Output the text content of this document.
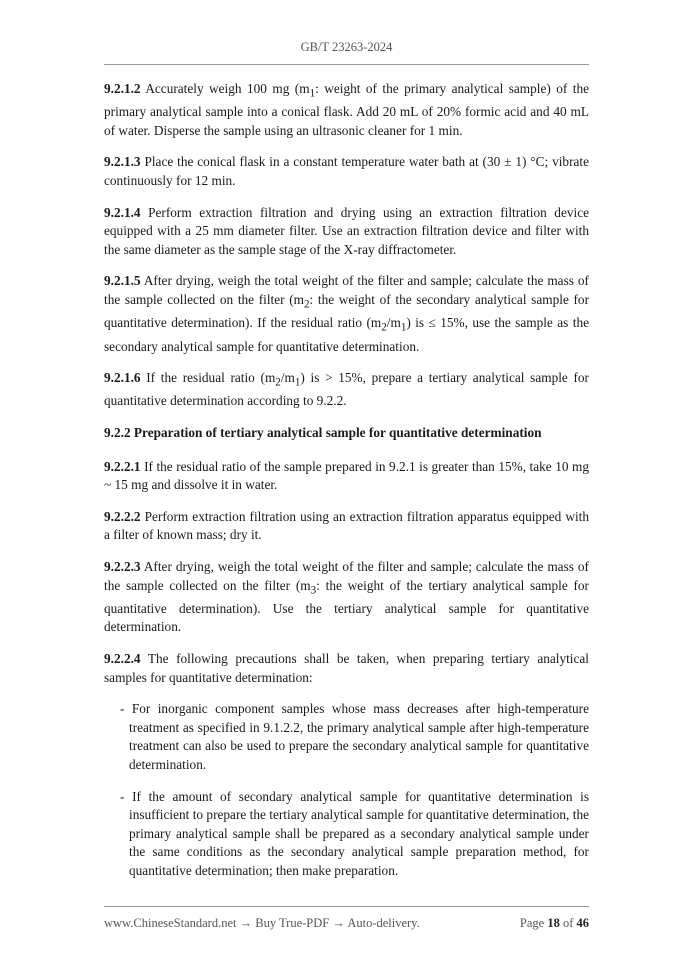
GB/T 23263-2024

9.2.1.2 Accurately weigh 100 mg ($m_1$: weight of the primary analytical sample) of the primary analytical sample into a conical flask. Add 20 mL of 20% formic acid and 40 mL of water. Disperse the sample using an ultrasonic cleaner for 1 min.

9.2.1.3 Place the conical flask in a constant temperature water bath at (30 ± 1) °C; vibrate continuously for 12 min.

9.2.1.4 Perform extraction filtration and drying using an extraction filtration device equipped with a 25 mm diameter filter. Use an extraction filtration device and filter with the same diameter as the sample stage of the X-ray diffractometer.

9.2.1.5 After drying, weigh the total weight of the filter and sample; calculate the mass of the sample collected on the filter ($m_2$: the weight of the secondary analytical sample for quantitative determination). If the residual ratio $(m_2/m_1)$ is ≤ 15%, use the sample as the secondary analytical sample for quantitative determination.

9.2.1.6 If the residual ratio $(m_2/m_1)$ is > 15%, prepare a tertiary analytical sample for quantitative determination according to 9.2.2.

9.2.2 Preparation of tertiary analytical sample for quantitative determination

9.2.2.1 If the residual ratio of the sample prepared in 9.2.1 is greater than 15%, take 10 mg ~ 15 mg and dissolve it in water.

9.2.2.2 Perform extraction filtration using an extraction filtration apparatus equipped with a filter of known mass; dry it.

9.2.2.3 After drying, weigh the total weight of the filter and sample; calculate the mass of the sample collected on the filter ($m_3$: the weight of the tertiary analytical sample for quantitative determination). Use the tertiary analytical sample for quantitative determination.

9.2.2.4 The following precautions shall be taken, when preparing tertiary analytical samples for quantitative determination:

- For inorganic component samples whose mass decreases after high-temperature treatment as specified in 9.1.2.2, the primary analytical sample after high-temperature treatment can also be used to prepare the secondary analytical sample for quantitative determination.

- If the amount of secondary analytical sample for quantitative determination is insufficient to prepare the tertiary analytical sample for quantitative determination, the primary analytical sample shall be prepared as a secondary analytical sample under the same conditions as the secondary analytical sample preparation method, for quantitative determination; then make preparation.

www.ChineseStandard.net → Buy True-PDF → Auto-delivery.	Page 18 of 46
